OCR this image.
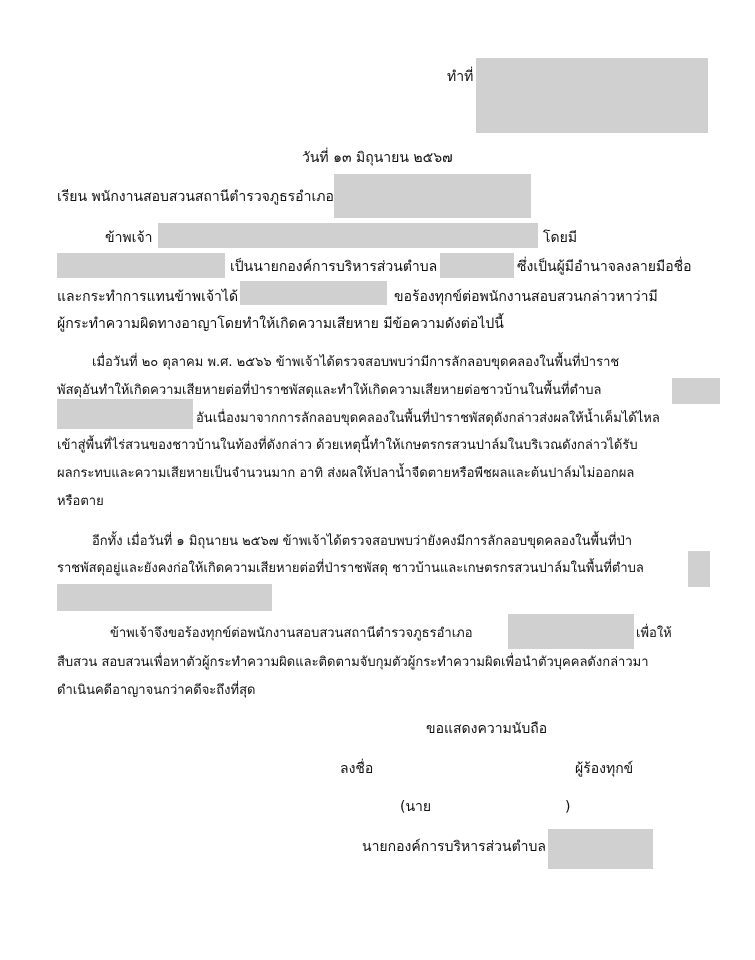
ทำที่
วันที่ ๑๓ มิถุนายน ๒๕๖๗
เรียน พนักงานสอบสวนสถานีตำรวจภูธรอำเภอ
ข้าพเจ้า	โดยมี
เป็นนายกองค์การบริหารส่วนตำบล	ซึ่งเป็นผู้มีอำนาจลงลายมือชื่อ
และกระทำการแทนข้าพเจ้าได้	ขอร้องทุกข์ต่อพนักงานสอบสวนกล่าวหาว่ามี
ผู้กระทำความผิดทางอาญาโดยทำให้เกิดความเสียหาย มีข้อความดังต่อไปนี้
เมื่อวันที่ ๒๐ ตุลาคม พ.ศ. ๒๕๖๖ ข้าพเจ้าได้ตรวจสอบพบว่ามีการลักลอบขุดคลองในพื้นที่ป่าราช
พัสดุอันทำให้เกิดความเสียหายต่อที่ป่าราชพัสดุและทำให้เกิดความเสียหายต่อชาวบ้านในพื้นที่ตำบล
อันเนื่องมาจากการลักลอบขุดคลองในพื้นที่ป่าราชพัสดุดังกล่าวส่งผลให้น้ำเค็มได้ไหล
เข้าสู่พื้นที่ไร่สวนของชาวบ้านในท้องที่ดังกล่าว ด้วยเหตุนี้ทำให้เกษตรกรสวนปาล์มในบริเวณดังกล่าวได้รับ
ผลกระทบและความเสียหายเป็นจำนวนมาก อาทิ ส่งผลให้ปลาน้ำจืดตายหรือพืชผลและต้นปาล์มไม่ออกผล
หรือตาย
อีกทั้ง เมื่อวันที่ ๑ มิถุนายน ๒๕๖๗ ข้าพเจ้าได้ตรวจสอบพบว่ายังคงมีการลักลอบขุดคลองในพื้นที่ป่า
ราชพัสดุอยู่และยังคงก่อให้เกิดความเสียหายต่อที่ป่าราชพัสดุ ชาวบ้านและเกษตรกรสวนปาล์มในพื้นที่ตำบล
ข้าพเจ้าจึงขอร้องทุกข์ต่อพนักงานสอบสวนสถานีตำรวจภูธรอำเภอ	เพื่อให้
สืบสวน สอบสวนเพื่อหาตัวผู้กระทำความผิดและติดตามจับกุมตัวผู้กระทำความผิดเพื่อนำตัวบุคคลดังกล่าวมา
ดำเนินคดีอาญาจนกว่าคดีจะถึงที่สุด
ขอแสดงความนับถือ
ลงชื่อ	ผู้ร้องทุกข์
(นาย	)
นายกองค์การบริหารส่วนตำบล
